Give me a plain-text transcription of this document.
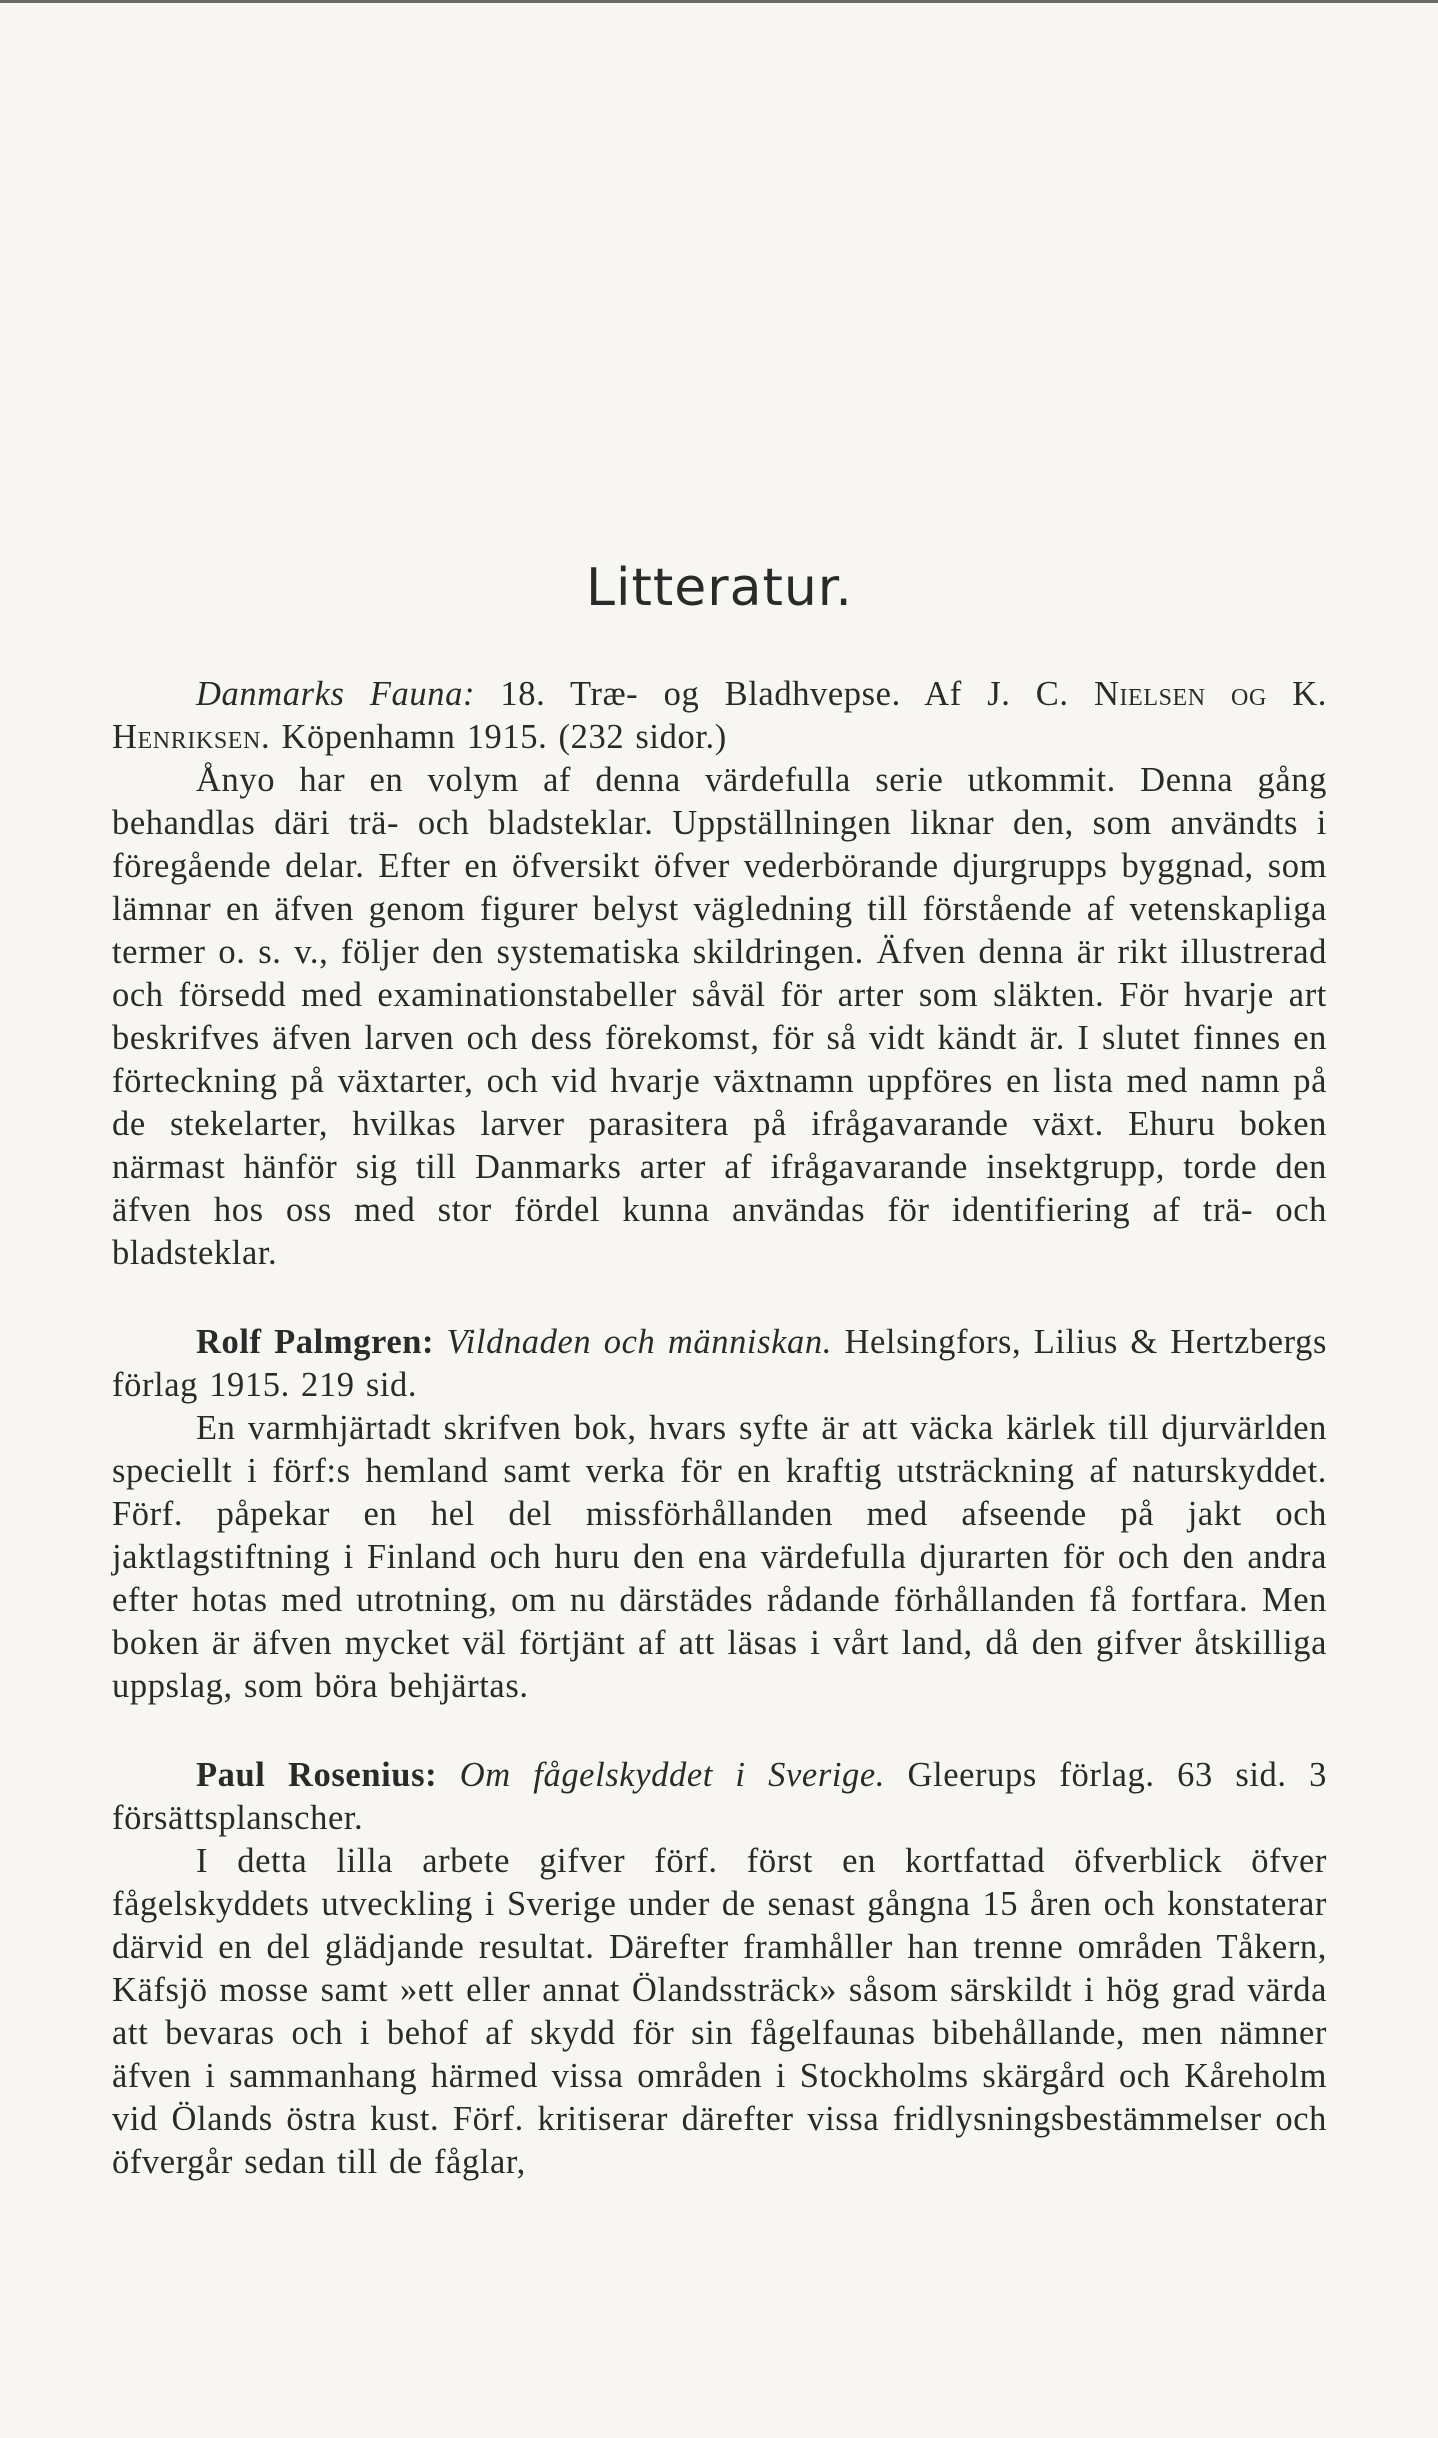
Litteratur.

Danmarks Fauna: 18. Træ- og Bladhvepse. Af J. C. Nielsen og K. Henriksen. Köpenhamn 1915. (232 sidor.)

Ånyo har en volym af denna värdefulla serie utkommit. Denna gång behandlas däri trä- och bladsteklar. Uppställningen liknar den, som användts i föregående delar. Efter en öfversikt öfver vederbörande djurgrupps byggnad, som lämnar en äfven genom figurer belyst vägledning till förstående af vetenskapliga termer o. s. v., följer den systematiska skildringen. Äfven denna är rikt illustrerad och försedd med examinationstabeller såväl för arter som släkten. För hvarje art beskrifves äfven larven och dess förekomst, för så vidt kändt är. I slutet finnes en förteckning på växtarter, och vid hvarje växtnamn uppföres en lista med namn på de stekelarter, hvilkas larver parasitera på ifrågavarande växt. Ehuru boken närmast hänför sig till Danmarks arter af ifrågavarande insektgrupp, torde den äfven hos oss med stor fördel kunna användas för identifiering af trä- och bladsteklar.

Rolf Palmgren: Vildnaden och människan. Helsingfors, Lilius & Hertzbergs förlag 1915. 219 sid.

En varmhjärtadt skrifven bok, hvars syfte är att väcka kärlek till djurvärlden speciellt i förf:s hemland samt verka för en kraftig utsträckning af naturskyddet. Förf. påpekar en hel del missförhållanden med afseende på jakt och jaktlagstiftning i Finland och huru den ena värdefulla djurarten för och den andra efter hotas med utrotning, om nu därstädes rådande förhållanden få fortfara. Men boken är äfven mycket väl förtjänt af att läsas i vårt land, då den gifver åtskilliga uppslag, som böra behjärtas.

Paul Rosenius: Om fågelskyddet i Sverige. Gleerups förlag. 63 sid. 3 försättsplanscher.

I detta lilla arbete gifver förf. först en kortfattad öfverblick öfver fågelskyddets utveckling i Sverige under de senast gångna 15 åren och konstaterar därvid en del glädjande resultat. Därefter framhåller han trenne områden Tåkern, Käfsjö mosse samt »ett eller annat Ölandssträck» såsom särskildt i hög grad värda att bevaras och i behof af skydd för sin fågelfaunas bibehållande, men nämner äfven i sammanhang härmed vissa områden i Stockholms skärgård och Kåreholm vid Ölands östra kust. Förf. kritiserar därefter vissa fridlysningsbestämmelser och öfvergår sedan till de fåglar,
